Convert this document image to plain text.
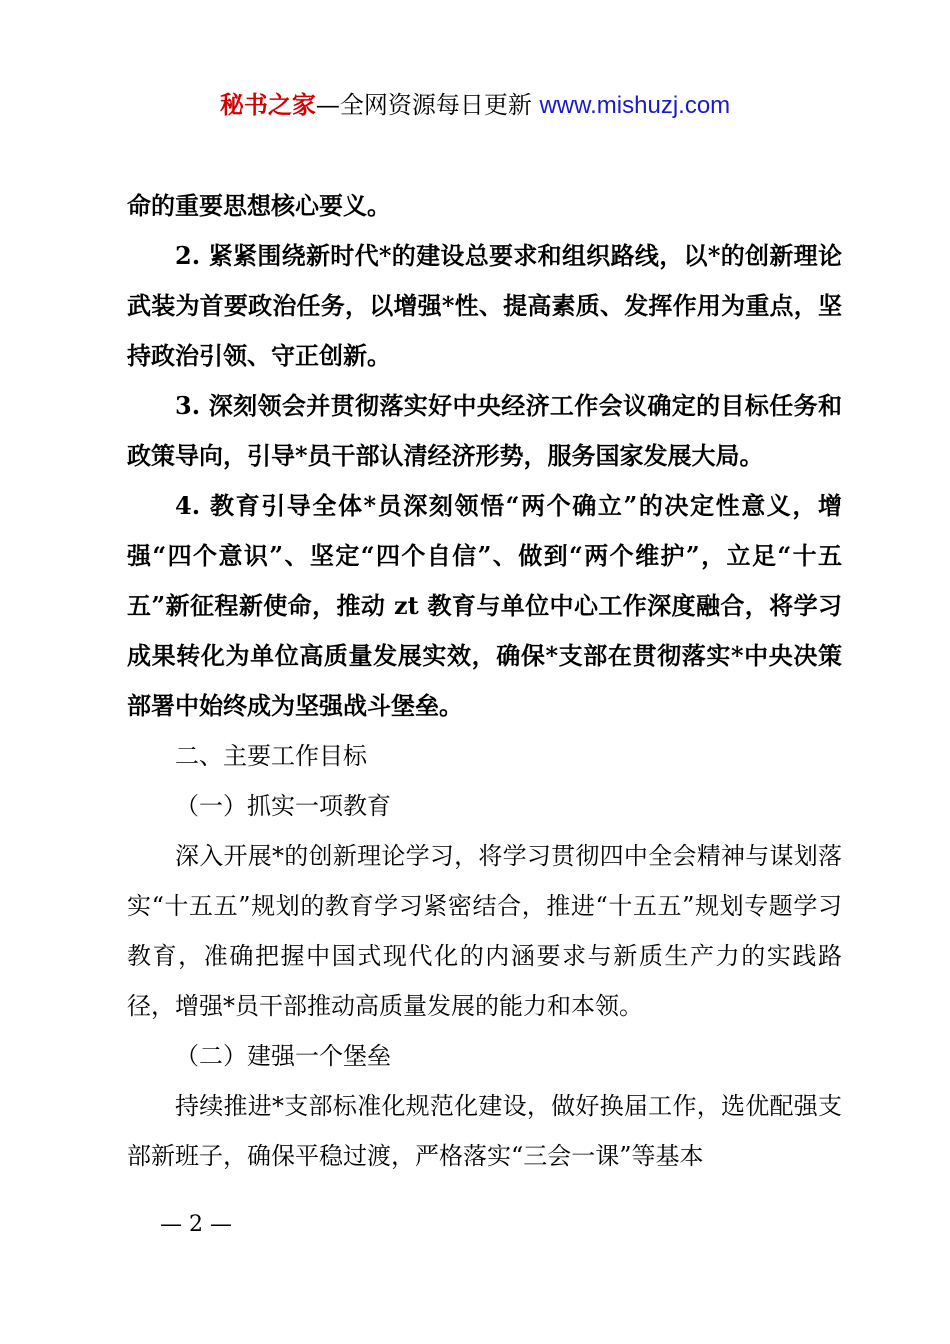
秘书之家—全网资源每日更新 www.mishuzj.com

命的重要思想核心要义。

2. 紧紧围绕新时代*的建设总要求和组织路线，以*的创新理论武装为首要政治任务，以增强*性、提高素质、发挥作用为重点，坚持政治引领、守正创新。

3. 深刻领会并贯彻落实好中央经济工作会议确定的目标任务和政策导向，引导*员干部认清经济形势，服务国家发展大局。

4. 教育引导全体*员深刻领悟“两个确立”的决定性意义，增强“四个意识”、坚定“四个自信”、做到“两个维护”，立足“十五五”新征程新使命，推动 zt 教育与单位中心工作深度融合，将学习成果转化为单位高质量发展实效，确保*支部在贯彻落实*中央决策部署中始终成为坚强战斗堡垒。

二、主要工作目标

（一）抓实一项教育

深入开展*的创新理论学习，将学习贯彻四中全会精神与谋划落实“十五五”规划的教育学习紧密结合，推进“十五五”规划专题学习教育，准确把握中国式现代化的内涵要求与新质生产力的实践路径，增强*员干部推动高质量发展的能力和本领。

（二）建强一个堡垒

持续推进*支部标准化规范化建设，做好换届工作，选优配强支部新班子，确保平稳过渡，严格落实“三会一课”等基本

— 2 —
